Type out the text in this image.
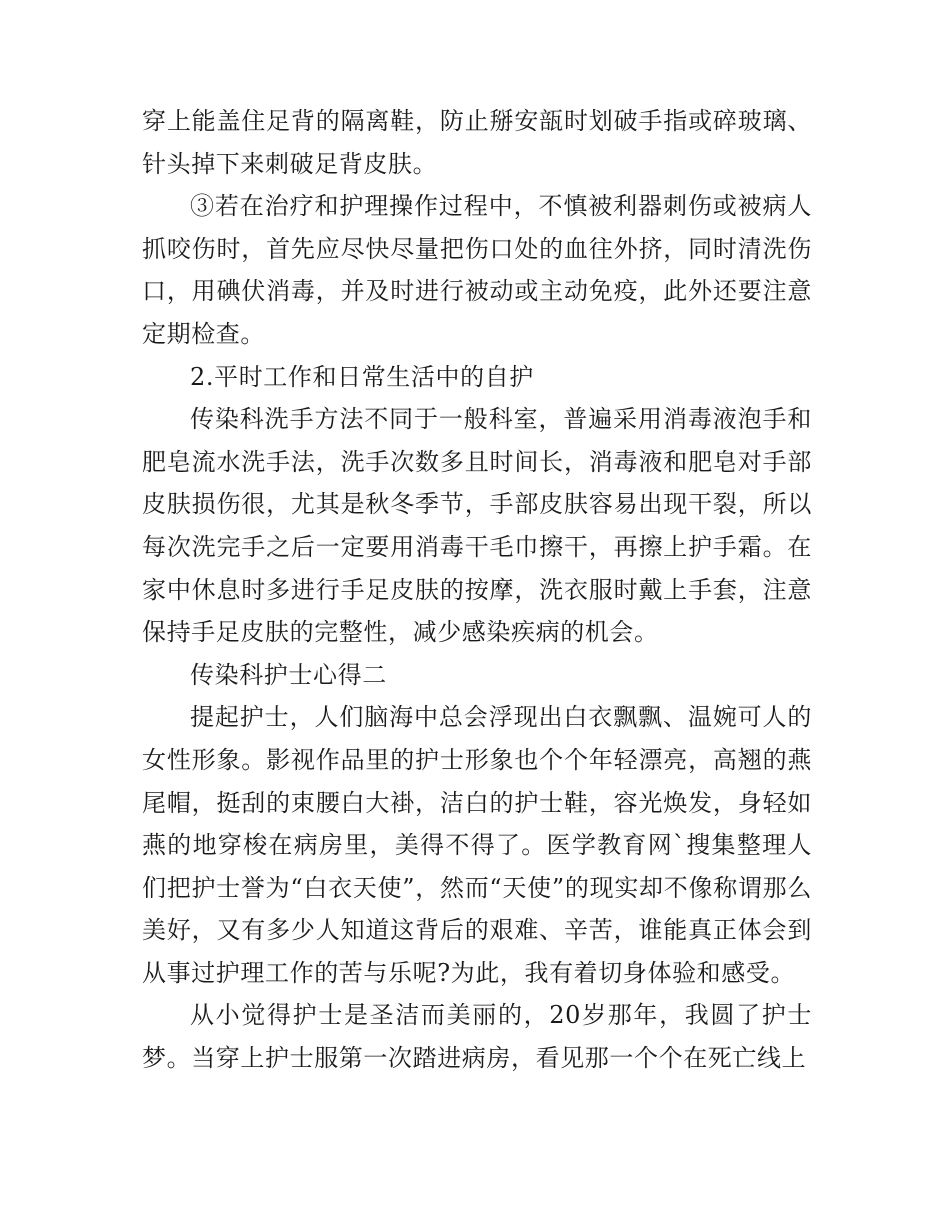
穿上能盖住足背的隔离鞋，防止掰安瓿时划破手指或碎玻璃、针头掉下来刺破足背皮肤。

③若在治疗和护理操作过程中，不慎被利器刺伤或被病人抓咬伤时，首先应尽快尽量把伤口处的血往外挤，同时清洗伤口，用碘伏消毒，并及时进行被动或主动免疫，此外还要注意定期检查。

2.平时工作和日常生活中的自护

传染科洗手方法不同于一般科室，普遍采用消毒液泡手和肥皂流水洗手法，洗手次数多且时间长，消毒液和肥皂对手部皮肤损伤很，尤其是秋冬季节，手部皮肤容易出现干裂，所以每次洗完手之后一定要用消毒干毛巾擦干，再擦上护手霜。在家中休息时多进行手足皮肤的按摩，洗衣服时戴上手套，注意保持手足皮肤的完整性，减少感染疾病的机会。

传染科护士心得二

提起护士，人们脑海中总会浮现出白衣飘飘、温婉可人的女性形象。影视作品里的护士形象也个个年轻漂亮，高翘的燕尾帽，挺刮的束腰白大褂，洁白的护士鞋，容光焕发，身轻如燕的地穿梭在病房里，美得不得了。医学教育网`搜集整理人们把护士誉为“白衣天使”，然而“天使”的现实却不像称谓那么美好，又有多少人知道这背后的艰难、辛苦，谁能真正体会到从事过护理工作的苦与乐呢?为此，我有着切身体验和感受。

从小觉得护士是圣洁而美丽的，20岁那年，我圆了护士梦。当穿上护士服第一次踏进病房，看见那一个个在死亡线上
